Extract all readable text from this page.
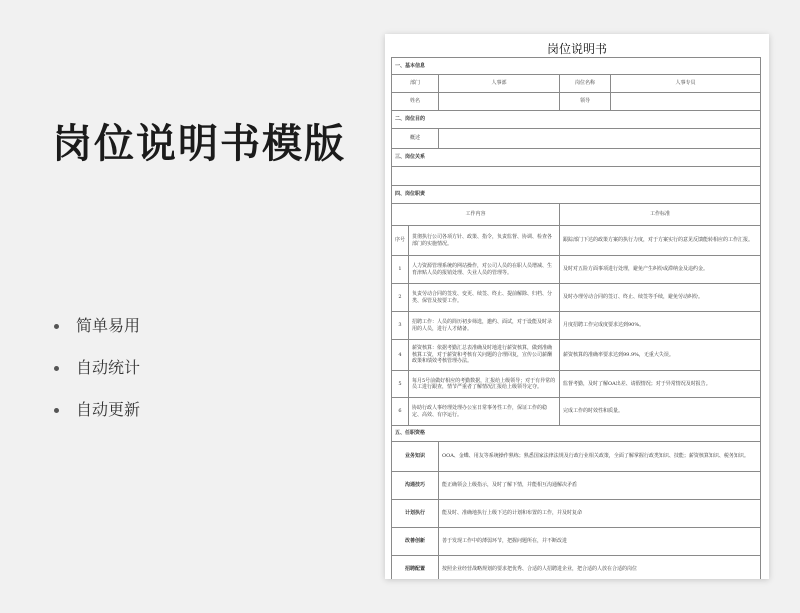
岗位说明书模版
简单易用
自动统计
自动更新
岗位说明书
一、基本信息				
部门		人事部	岗位名称	人事专员
姓名			领导	
二、岗位目的				
概述				
三、岗位关系				

四、岗位职责				
工作内容			工作标准	
序号	贯彻执行公司各项方针、政策、指令，负责监督、协调、检查各部门的实施情况。		跟踪部门下达的政策方案的执行力度，对于方案实行的意见反馈能转相应的工作汇报。	
1	人力资源管理系统的网站操作，对公司人员的在职人员增减、生育津贴人员的报销处理、失业人员的管理等。		及时对五险方面事项进行处理，避免产生纠纷或滞纳金及违约金。	
2	负责劳动合同的签发、变更、续签、终止、提前解除、归档、分类、保管及按要工作。		及时办理劳动合同的签订、终止、续签等手续，避免劳动纠纷。	
3	招聘工作：人员的简历初步筛选，邀约、面试，对于设能及时录用的人员，进行人才储备。		月度招聘工作完成度要求达到90%。	
4	薪资核算：依据考勤汇总表准确及时地进行薪资核算，做到准确核算工资，对于薪资和考核有关问题的合理回复，宣传公司薪酬政策和绩效考核管理办法。		薪资核算的准确率要求达到99.9%，无重大失误。	
5	每月5号前做好相应的考勤数据，汇报给上级领导；对于有异常的员工进行跟查，情节严重者了解情况汇报给上级领导定夺。		监督考勤，及时了解OA出差、请假情况；对于异常情况及时报告。	
6	协助行政人事经理处理办公室日常事务性工作，保证工作的稳定、高效、有序运行。		完成工作的时效性和质量。	
五、任职资格				
业务知识		OOA、金蝶、用友等系统操作熟练；熟悉国家法律法规及行政行业相关政策，全面了解掌握行政类知识、技能；薪资核算知识、税务知识。		
沟通技巧		能正确领会上级指示，及时了解下情，并能相互沟通解决矛盾		
计划执行		能及时、准确地执行上级下达的计划和布置的工作，并及时复命		
改善创新		善于发现工作中的薄弱环节，把握问题所在，并不断改进		
招聘配置		按照企业经营战略规划的要求把优秀、合适的人招聘进企业，把合适的人放在合适的岗位		
